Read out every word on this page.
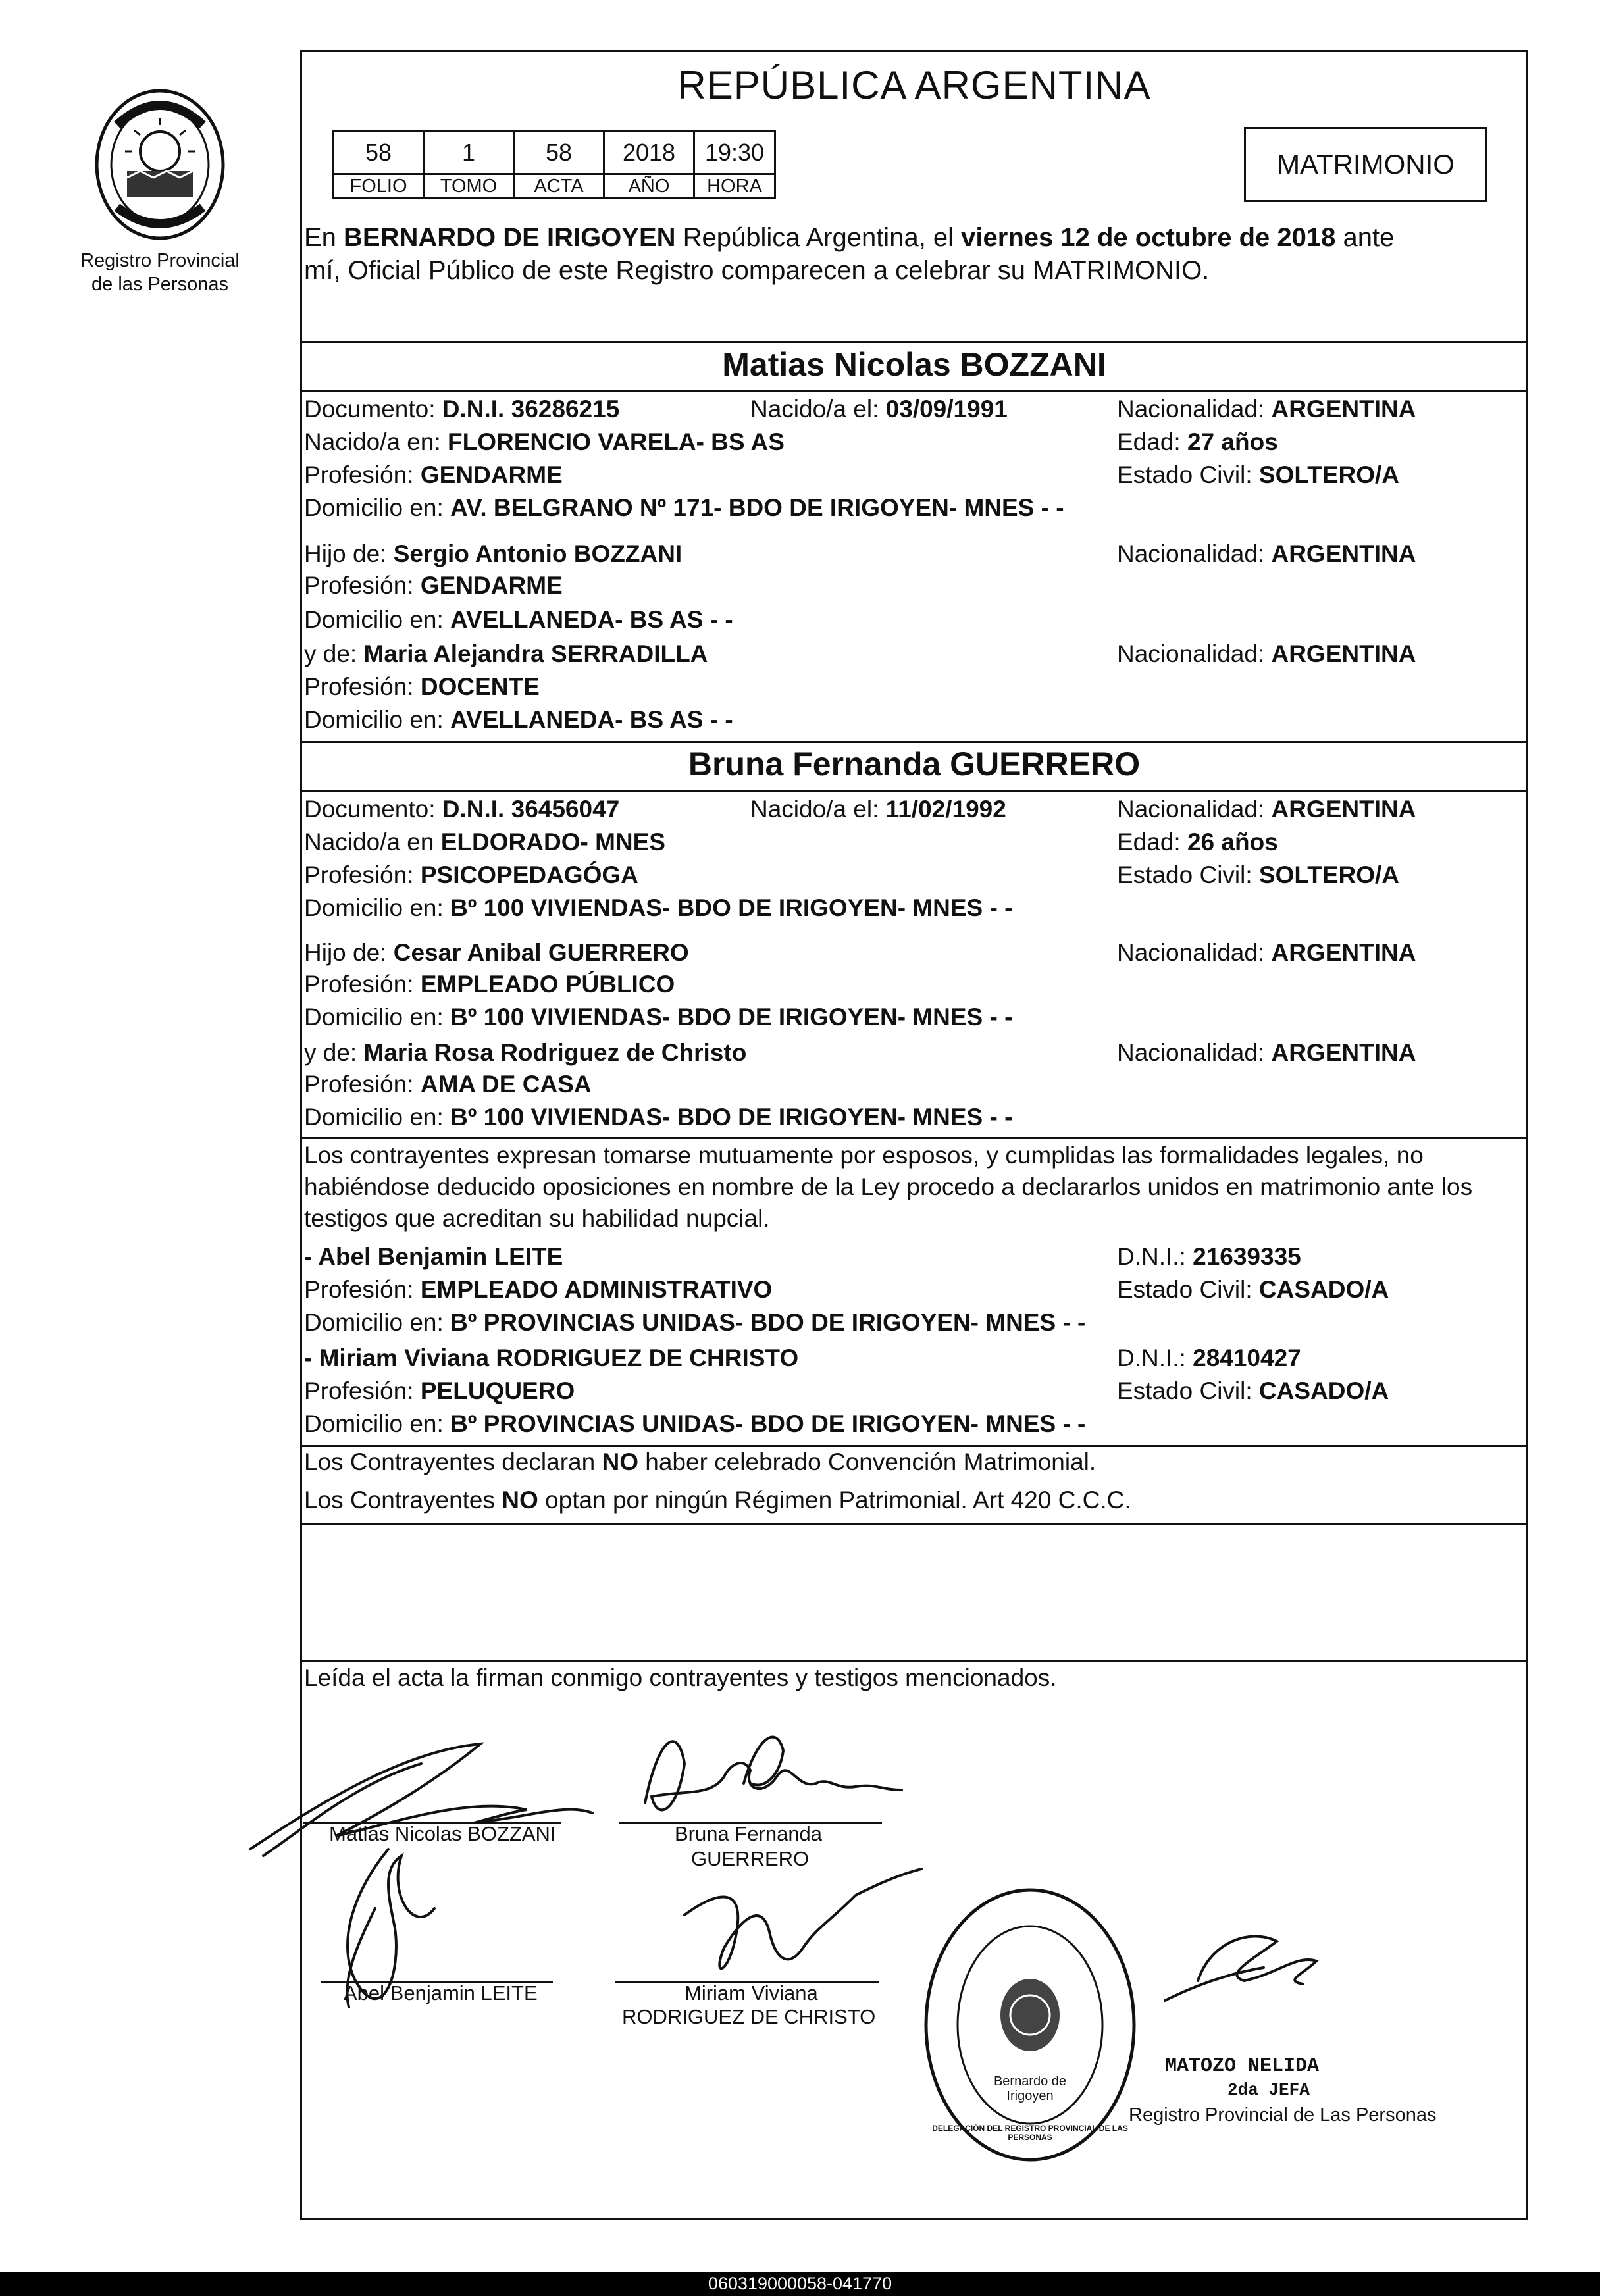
Registro Provincial
de las Personas
REPÚBLICA ARGENTINA
58	1	58	2018	19:30
FOLIO	TOMO	ACTA	AÑO	HORA
MATRIMONIO
En BERNARDO DE IRIGOYEN República Argentina, el viernes 12 de octubre de 2018 ante
mí, Oficial Público de este Registro comparecen a celebrar su MATRIMONIO.
Matias Nicolas BOZZANI
Documento: D.N.I. 36286215	Nacido/a el: 03/09/1991	Nacionalidad: ARGENTINA
Nacido/a en: FLORENCIO VARELA- BS AS	Edad: 27 años
Profesión: GENDARME	Estado Civil: SOLTERO/A
Domicilio en: AV. BELGRANO Nº 171- BDO DE IRIGOYEN- MNES - -
Hijo de: Sergio Antonio BOZZANI	Nacionalidad: ARGENTINA
Profesión: GENDARME
Domicilio en: AVELLANEDA- BS AS - -
y de: Maria Alejandra SERRADILLA	Nacionalidad: ARGENTINA
Profesión: DOCENTE
Domicilio en: AVELLANEDA- BS AS - -
Bruna Fernanda GUERRERO
Documento: D.N.I. 36456047	Nacido/a el: 11/02/1992	Nacionalidad: ARGENTINA
Nacido/a en ELDORADO- MNES	Edad: 26 años
Profesión: PSICOPEDAGÓGA	Estado Civil: SOLTERO/A
Domicilio en: Bº 100 VIVIENDAS- BDO DE IRIGOYEN- MNES - -
Hijo de: Cesar Anibal GUERRERO	Nacionalidad: ARGENTINA
Profesión: EMPLEADO PÚBLICO
Domicilio en: Bº 100 VIVIENDAS- BDO DE IRIGOYEN- MNES - -
y de: Maria Rosa Rodriguez de Christo	Nacionalidad: ARGENTINA
Profesión: AMA DE CASA
Domicilio en: Bº 100 VIVIENDAS- BDO DE IRIGOYEN- MNES - -
Los contrayentes expresan tomarse mutuamente por esposos, y cumplidas las formalidades legales, no habiéndose deducido oposiciones en nombre de la Ley procedo a declararlos unidos en matrimonio ante los testigos que acreditan su habilidad nupcial.
- Abel Benjamin LEITE	D.N.I.: 21639335
Profesión: EMPLEADO ADMINISTRATIVO	Estado Civil: CASADO/A
Domicilio en: Bº PROVINCIAS UNIDAS- BDO DE IRIGOYEN- MNES - -
- Miriam Viviana RODRIGUEZ DE CHRISTO	D.N.I.: 28410427
Profesión: PELUQUERO	Estado Civil: CASADO/A
Domicilio en: Bº PROVINCIAS UNIDAS- BDO DE IRIGOYEN- MNES - -
Los Contrayentes declaran NO haber celebrado Convención Matrimonial.
Los Contrayentes NO optan por ningún Régimen Patrimonial. Art 420 C.C.C.
Leída el acta la firman conmigo contrayentes y testigos mencionados.
Matias Nicolas BOZZANI	Bruna Fernanda
GUERRERO
Abel Benjamin LEITE	Miriam Viviana
RODRIGUEZ DE CHRISTO
DELEGACIÓN DEL REGISTRO PROVINCIAL DE LAS PERSONAS
Bernardo de Irigoyen
MATOZO NELIDA
2da JEFA
Registro Provincial de Las Personas
060319000058-041770
